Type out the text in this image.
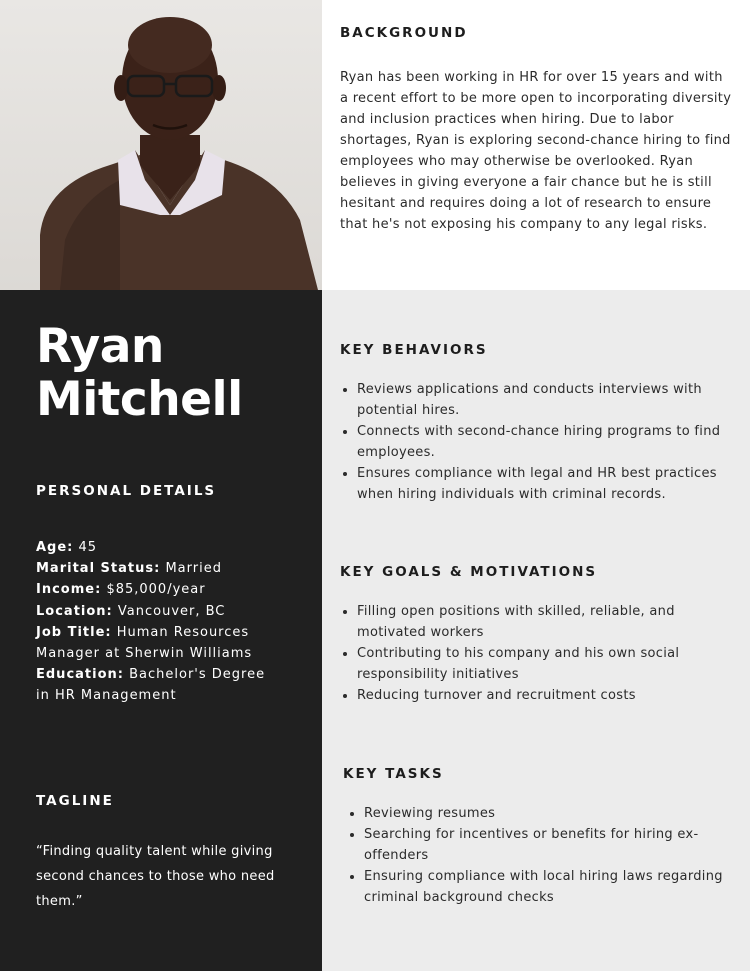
BACKGROUND

Ryan has been working in HR for over 15 years and with a recent effort to be more open to incorporating diversity and inclusion practices when hiring. Due to labor shortages, Ryan is exploring second-chance hiring to find employees who may otherwise be overlooked. Ryan believes in giving everyone a fair chance but he is still hesitant and requires doing a lot of research to ensure that he's not exposing his company to any legal risks.

Ryan
Mitchell
PERSONAL DETAILS
Age: 45
Marital Status: Married
Income: $85,000/year
Location: Vancouver, BC
Job Title: Human Resources Manager at Sherwin Williams
Education: Bachelor's Degree in HR Management
TAGLINE

“Finding quality talent while giving second chances to those who need them.”

KEY BEHAVIORS
Reviews applications and conducts interviews with potential hires.
Connects with second-chance hiring programs to find employees.
Ensures compliance with legal and HR best practices when hiring individuals with criminal records.
KEY GOALS & MOTIVATIONS
Filling open positions with skilled, reliable, and motivated workers
Contributing to his company and his own social responsibility initiatives
Reducing turnover and recruitment costs
KEY TASKS
Reviewing resumes
Searching for incentives or benefits for hiring ex-offenders
Ensuring compliance with local hiring laws regarding criminal background checks
